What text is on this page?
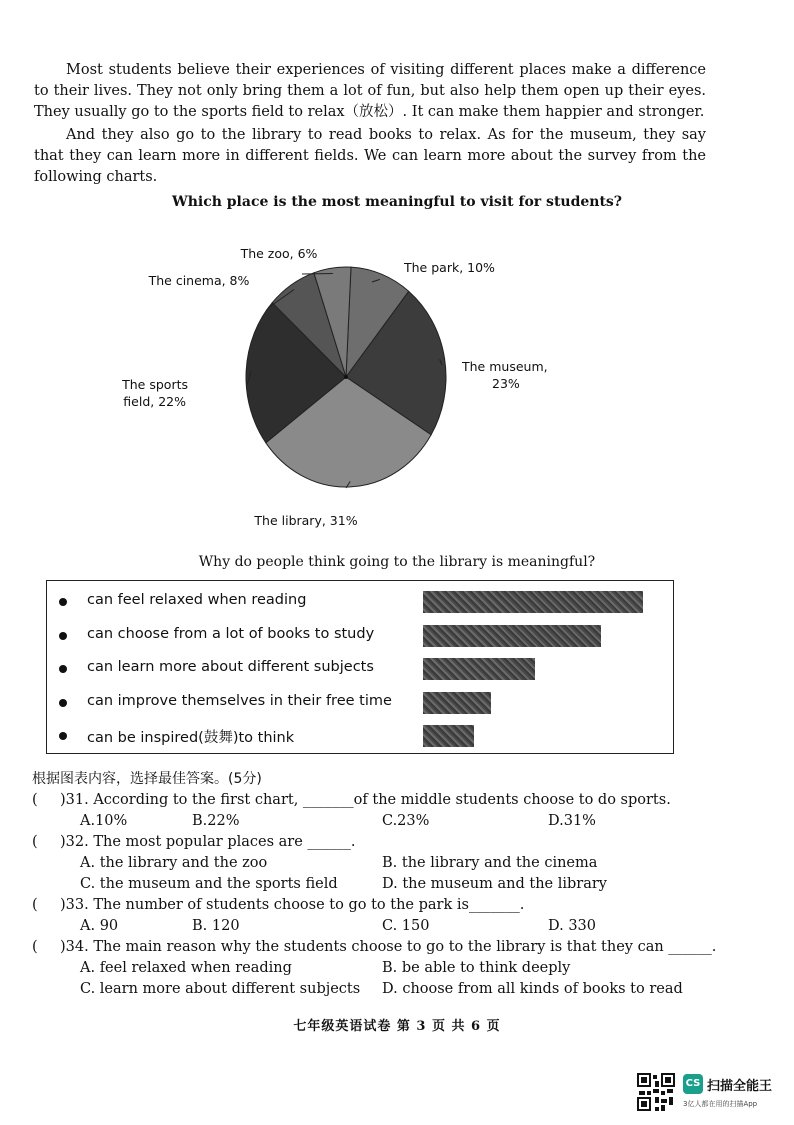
Most students believe their experiences of visiting different places make a difference to their lives. They not only bring them a lot of fun, but also help them open up their eyes. They usually go to the sports field to relax（放松）. It can make them happier and stronger.

And they also go to the library to read books to relax. As for the museum, they say that they can learn more in different fields. We can learn more about the survey from the following charts.

Which place is the most meaningful to visit for students?
The park, 10%
The museum, 23%
The library, 31%
The sports field, 22%
The cinema, 8%
The zoo, 6%
Why do people think going to the library is meaningful?
can feel relaxed when reading
can choose from a lot of books to study
can learn more about different subjects
can improve themselves in their free time
can be inspired(鼓舞)to think
根据图表内容，选择最佳答案。(5分)
( )31. According to the first chart, _______of the middle students choose to do sports.
A.10%	B.22%	C.23%	D.31%
( )32. The most popular places are ______.
A. the library and the zoo	B. the library and the cinema
C. the museum and the sports field	D. the museum and the library
( )33. The number of students choose to go to the park is_______.
A. 90	B. 120	C. 150	D. 330
( )34. The main reason why the students choose to go to the library is that they can ______.
A. feel relaxed when reading	B. be able to think deeply
C. learn more about different subjects D. choose from all kinds of books to read
七年级英语试卷 第 3 页 共 6 页
CS 扫描全能王
3亿人都在用的扫描App
